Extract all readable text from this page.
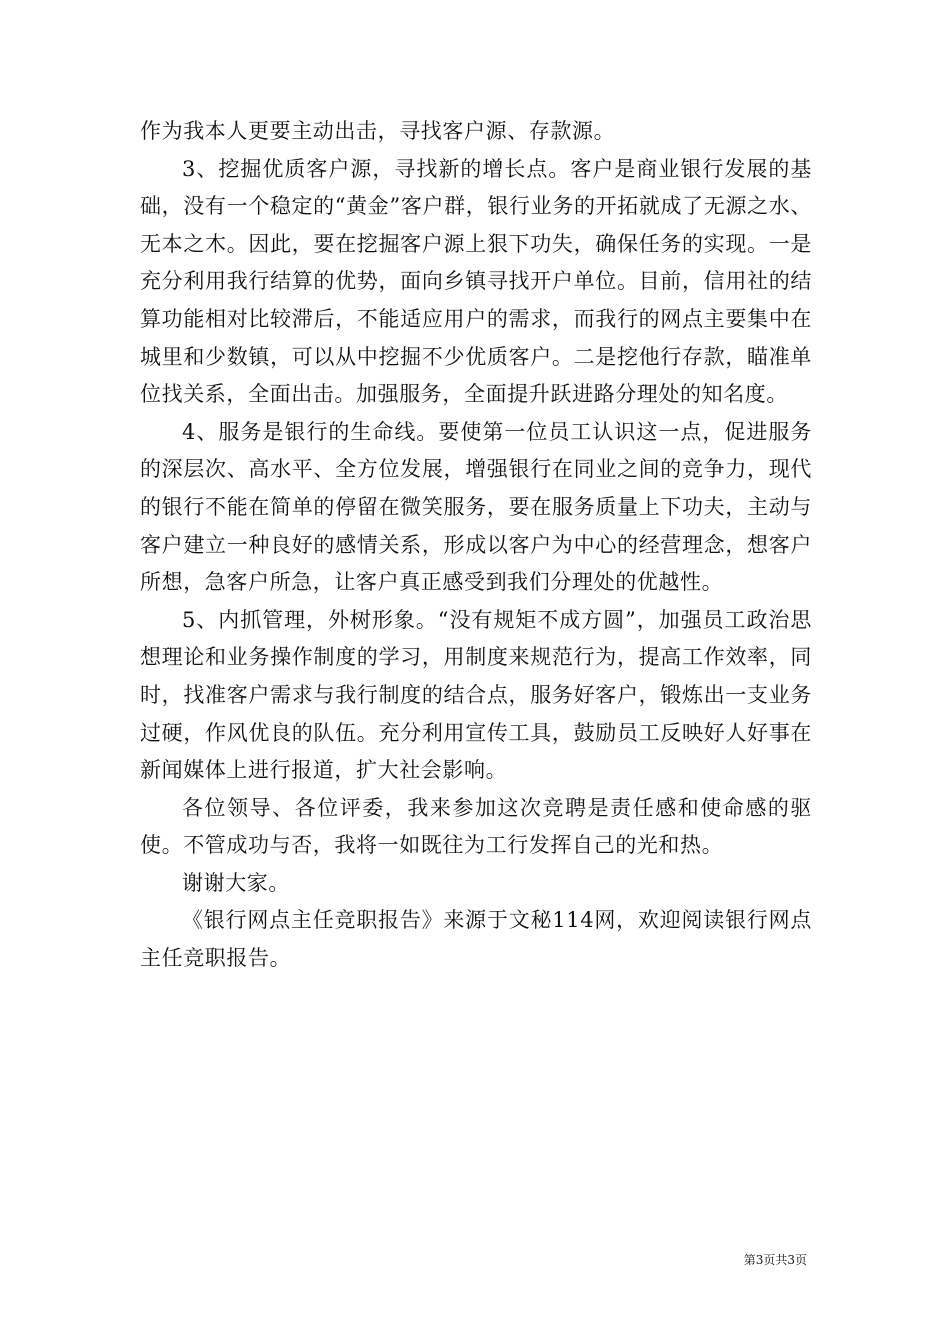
作为我本人更要主动出击，寻找客户源、存款源。

3、挖掘优质客户源，寻找新的增长点。客户是商业银行发展的基础，没有一个稳定的“黄金”客户群，银行业务的开拓就成了无源之水、无本之木。因此，要在挖掘客户源上狠下功失，确保任务的实现。一是充分利用我行结算的优势，面向乡镇寻找开户单位。目前，信用社的结算功能相对比较滞后，不能适应用户的需求，而我行的网点主要集中在城里和少数镇，可以从中挖掘不少优质客户。二是挖他行存款，瞄准单位找关系，全面出击。加强服务，全面提升跃进路分理处的知名度。

4、服务是银行的生命线。要使第一位员工认识这一点，促进服务的深层次、高水平、全方位发展，增强银行在同业之间的竞争力，现代的银行不能在简单的停留在微笑服务，要在服务质量上下功夫，主动与客户建立一种良好的感情关系，形成以客户为中心的经营理念，想客户所想，急客户所急，让客户真正感受到我们分理处的优越性。

5、内抓管理，外树形象。“没有规矩不成方圆”，加强员工政治思想理论和业务操作制度的学习，用制度来规范行为，提高工作效率，同时，找准客户需求与我行制度的结合点，服务好客户，锻炼出一支业务过硬，作风优良的队伍。充分利用宣传工具，鼓励员工反映好人好事在新闻媒体上进行报道，扩大社会影响。

各位领导、各位评委，我来参加这次竞聘是责任感和使命感的驱使。不管成功与否，我将一如既往为工行发挥自己的光和热。

谢谢大家。

《银行网点主任竞职报告》来源于文秘114网，欢迎阅读银行网点主任竞职报告。

第3页共3页
